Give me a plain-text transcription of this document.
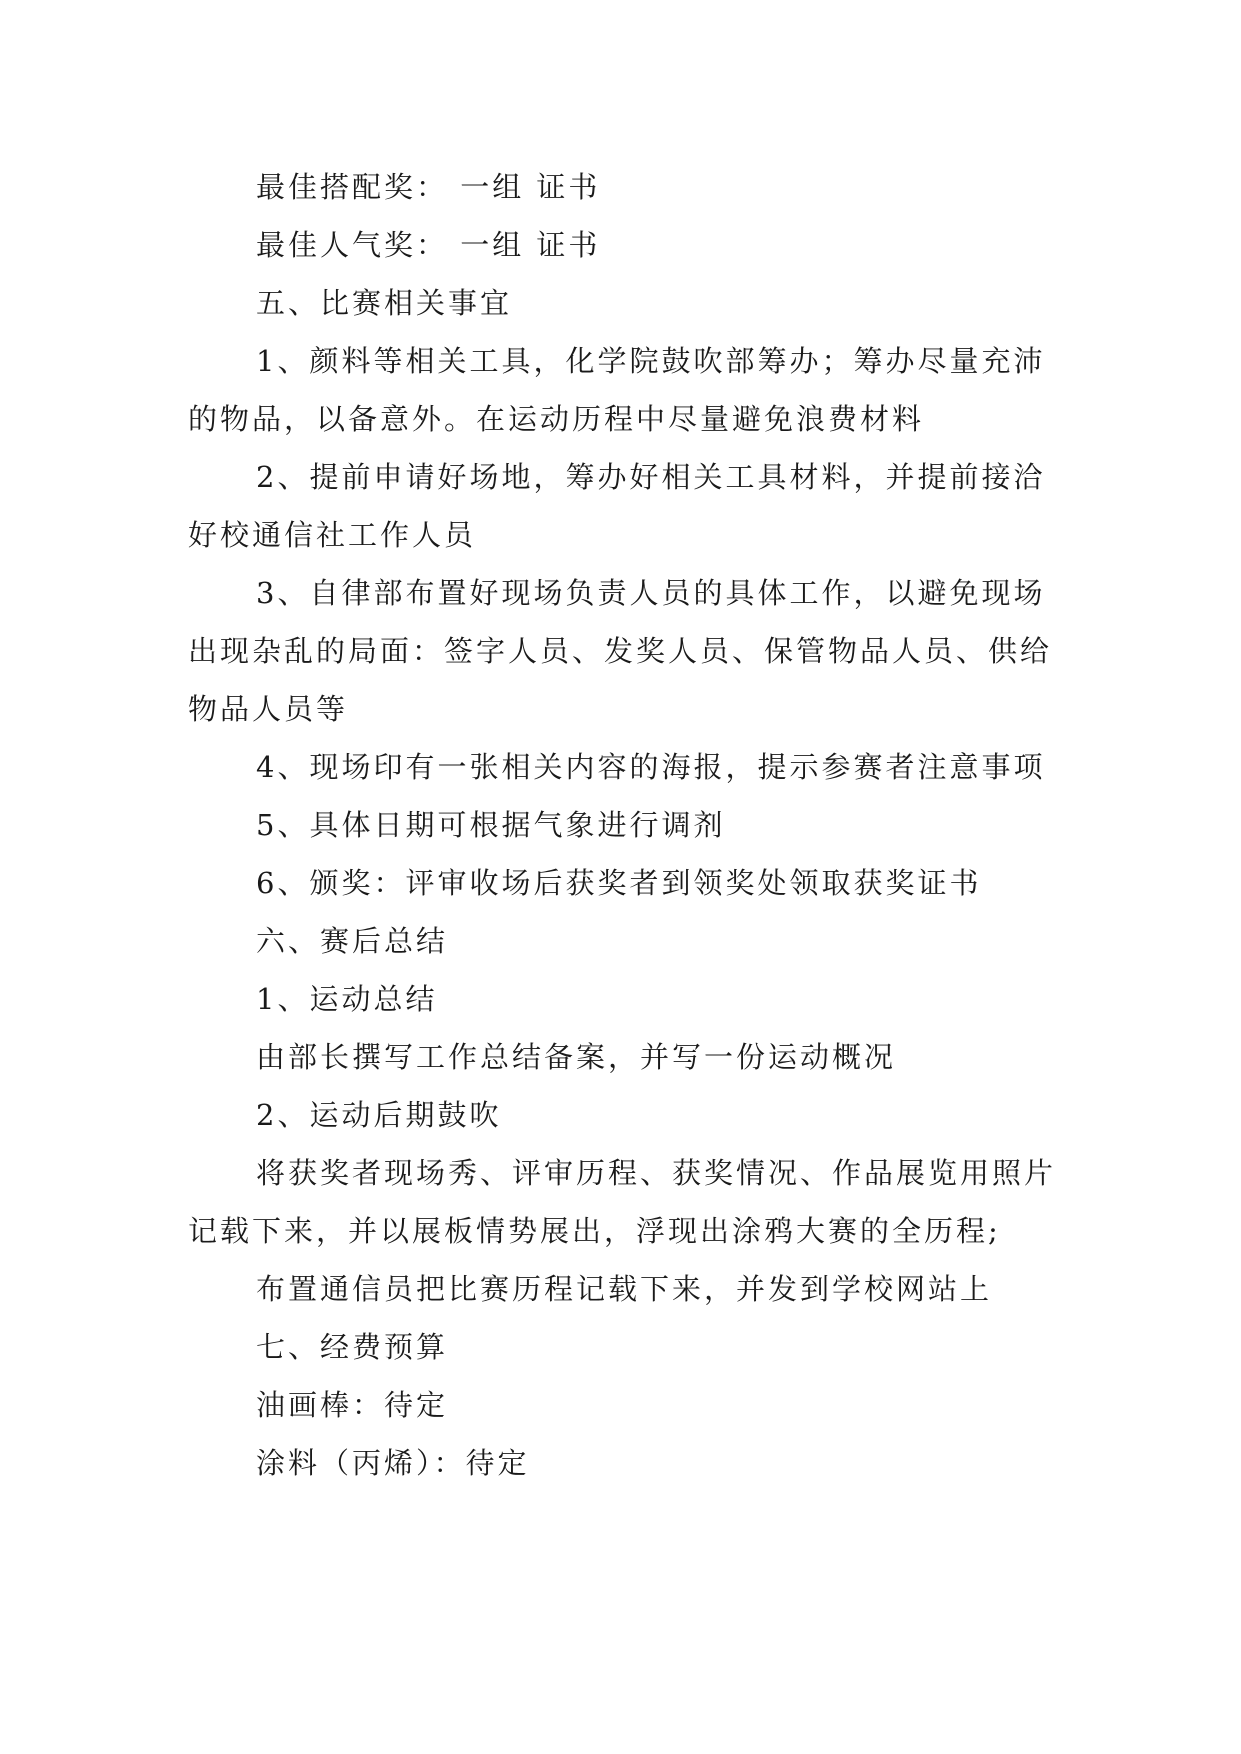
最佳搭配奖： 一组 证书

最佳人气奖： 一组 证书

五、比赛相关事宜

1、颜料等相关工具，化学院鼓吹部筹办；筹办尽量充沛的物品，以备意外。在运动历程中尽量避免浪费材料

2、提前申请好场地，筹办好相关工具材料，并提前接洽好校通信社工作人员

3、自律部布置好现场负责人员的具体工作，以避免现场出现杂乱的局面：签字人员、发奖人员、保管物品人员、供给物品人员等

4、现场印有一张相关内容的海报，提示参赛者注意事项

5、具体日期可根据气象进行调剂

6、颁奖：评审收场后获奖者到领奖处领取获奖证书

六、赛后总结

1、运动总结

由部长撰写工作总结备案，并写一份运动概况

2、运动后期鼓吹

将获奖者现场秀、评审历程、获奖情况、作品展览用照片记载下来，并以展板情势展出，浮现出涂鸦大赛的全历程;

布置通信员把比赛历程记载下来，并发到学校网站上

七、经费预算

油画棒：待定

涂料（丙烯）：待定
